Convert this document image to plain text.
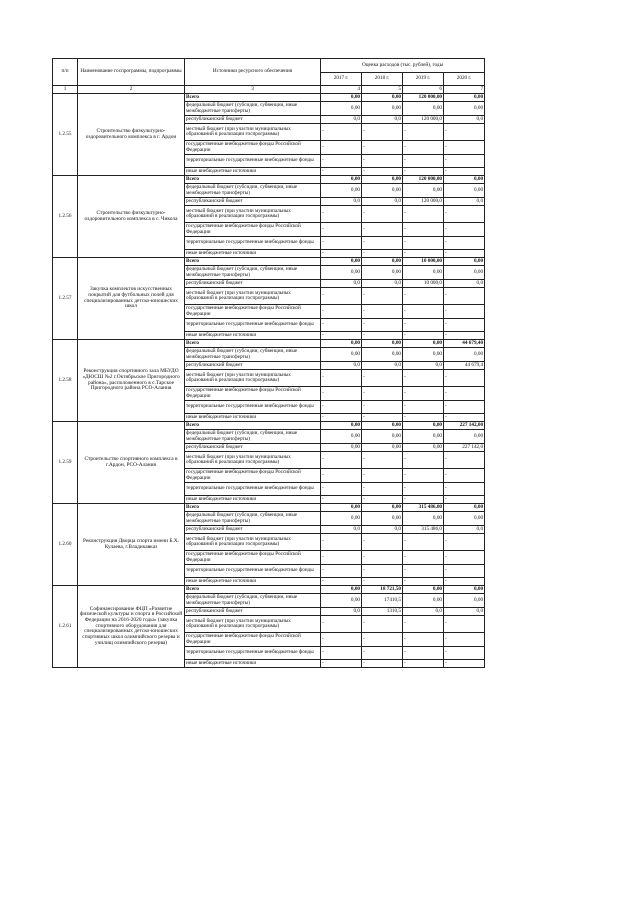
п/п	Наименование госпрограммы, подпрограммы	Источники ресурсного обеспечения	Оценка расходов (тыс. рублей), годы			
			2017 г.	2018 г.	2019 г.	2020 г.
1	2	3	4	5	6	7
1.2.55	Строительство физкультурно-оздоровительного комплекса в г. Ардон	Всего	0,00	0,00	120 000,00	0,00
		федеральный бюджет (субсидии, субвенции, иные межбюджетные трансферты)	0,00	0,00	0,00	0,00
		республиканский бюджет	0,0	0,0	120 000,0	0,0
		местный бюджет (при участии муниципальных образований в реализации госпрограммы)	-	-	-	-
		государственные внебюджетные фонды Российской Федерации	-	-	-	-
		территориальные государственные внебюджетные фонды	-	-	-	-
		иные внебюджетные источники	-	-	-	-
1.2.56	Строительство физкультурно-оздоровительного комплекса в с. Чикола	Всего	0,00	0,00	120 000,00	0,00
		федеральный бюджет (субсидии, субвенции, иные межбюджетные трансферты)	0,00	0,00	0,00	0,00
		республиканский бюджет	0,0	0,0	120 000,0	0,0
		местный бюджет (при участии муниципальных образований в реализации госпрограммы)	-	-	-	-
		государственные внебюджетные фонды Российской Федерации	-	-	-	-
		территориальные государственные внебюджетные фонды	-	-	-	-
		иные внебюджетные источники	-	-	-	-
1.2.57	Закупка комплектов искусственных покрытий для футбольных полей для специализированных детско-юношеских школ	Всего	0,00	0,00	10 000,00	0,00
		федеральный бюджет (субсидии, субвенции, иные межбюджетные трансферты)	0,00	0,00	0,00	0,00
		республиканский бюджет	0,0	0,0	10 000,0	0,0
		местный бюджет (при участии муниципальных образований в реализации госпрограммы)	-	-	-	-
		государственные внебюджетные фонды Российской Федерации	-	-	-	-
		территориальные государственные внебюджетные фонды	-	-	-	-
		иные внебюджетные источники	-	-	-	-
1.2.58	Реконструкция спортивного зала МБУДО «ДЮСШ №2 г.Октябрьское Пригородного района», расположенного в с.Тарское Пригородного района РСО-Алания	Всего	0,00	0,00	0,00	44 679,40
		федеральный бюджет (субсидии, субвенции, иные межбюджетные трансферты)	0,00	0,00	0,00	0,00
		республиканский бюджет	0,0	0,0	0,0	44 679,4
		местный бюджет (при участии муниципальных образований в реализации госпрограммы)	-	-	-	-
		государственные внебюджетные фонды Российской Федерации	-	-	-	-
		территориальные государственные внебюджетные фонды	-	-	-	-
		иные внебюджетные источники	-	-	-	-
1.2.59	Строительство спортивного комплекса в г.Ардон, РСО-Алания	Всего	0,00	0,00	0,00	227 142,00
		федеральный бюджет (субсидии, субвенции, иные межбюджетные трансферты)	0,00	0,00	0,00	0,00
		республиканский бюджет	0,00	0,00	0,00	227 142,0
		местный бюджет (при участии муниципальных образований в реализации госпрограммы)	-	-	-	-
		государственные внебюджетные фонды Российской Федерации	-	-	-	-
		территориальные государственные внебюджетные фонды	-	-	-	-
		иные внебюджетные источники	-	-	-	-
1.2.60	Реконструкция Дворца спорта имени Б.Х. Кулаева, г.Владикавказ	Всего	0,00	0,00	315 486,00	0,00
		федеральный бюджет (субсидии, субвенции, иные межбюджетные трансферты)	0,00	0,00	0,00	0,00
		республиканский бюджет	0,0	0,0	315 486,0	0,0
		местный бюджет (при участии муниципальных образований в реализации госпрограммы)	-	-	-	-
		государственные внебюджетные фонды Российской Федерации	-	-	-	-
		территориальные государственные внебюджетные фонды	-	-	-	-
		иные внебюджетные источники	-	-	-	-
1.2.61	Софинансирование ФЦП «Развитие физической культуры и спорта в Российской Федерации на 2016-2020 годы» (закупка спортивного оборудования для специализированных детско-юношеских спортивных школ олимпийского резерва и училищ олимпийского резерва)	Всего	0,00	18 721,50	0,00	0,00
		федеральный бюджет (субсидии, субвенции, иные межбюджетные трансферты)	0,00	17410,5	0,00	0,00
		республиканский бюджет	0,0	1310,5	0,0	0,0
		местный бюджет (при участии муниципальных образований в реализации госпрограммы)	-	-	-	-
		государственные внебюджетные фонды Российской Федерации	-	-	-	-
		территориальные государственные внебюджетные фонды	-	-	-	-
		иные внебюджетные источники	-	-	-	-
